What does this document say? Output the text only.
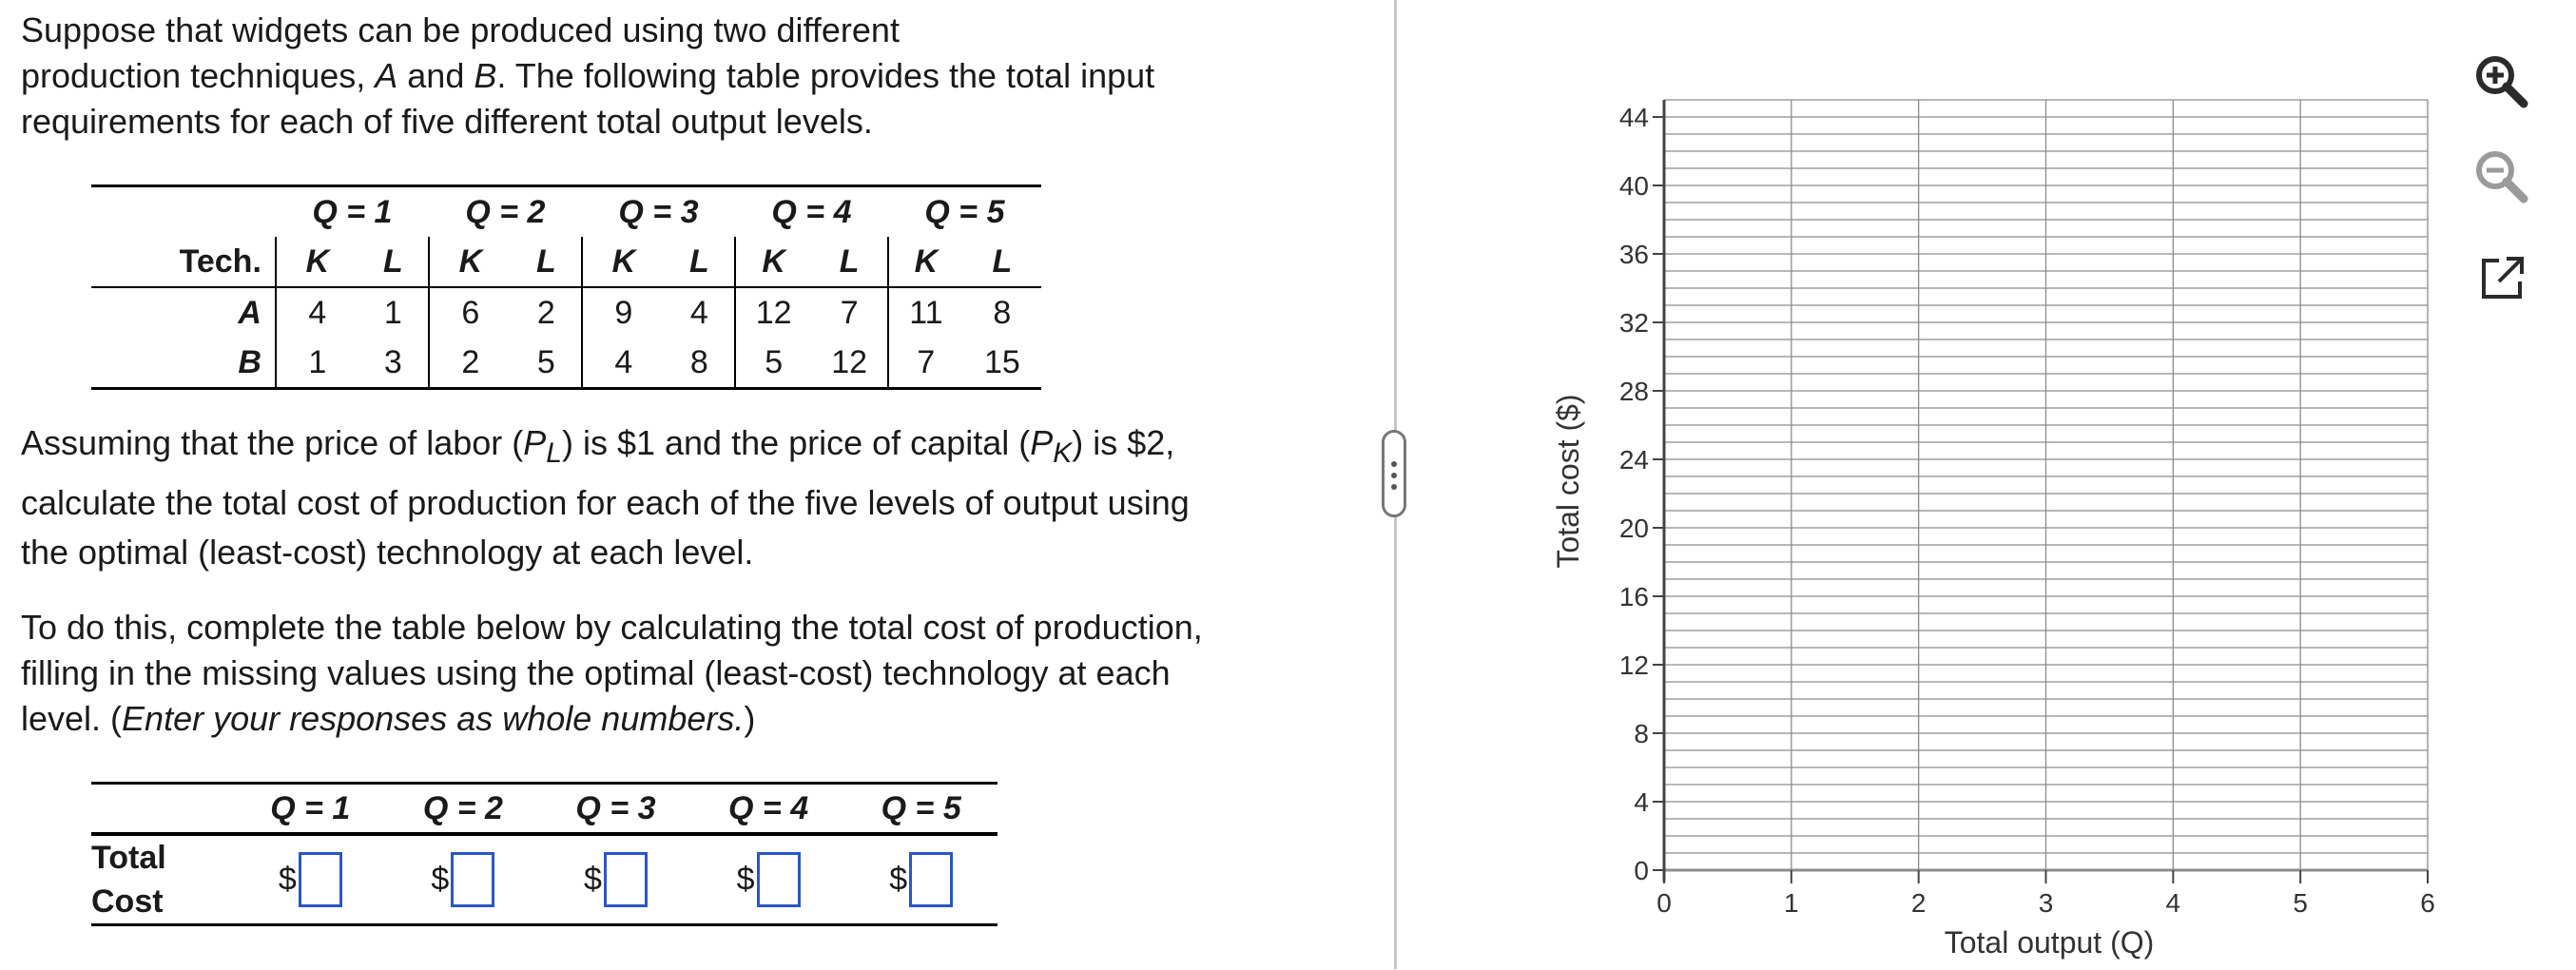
Suppose that widgets can be produced using two different
production techniques, A and B. The following table provides the total input
requirements for each of five different total output levels.

	Q = 1		Q = 2		Q = 3		Q = 4		Q = 5	
Tech.	K	L	K	L	K	L	K	L	K	L
A	4	1	6	2	9	4	12	7	11	8
B	1	3	2	5	4	8	5	12	7	15

Assuming that the price of labor $(P_L)$ is $1 and the price of capital $(P_K)$ is $2,
calculate the total cost of production for each of the five levels of output using
the optimal (least-cost) technology at each level.

To do this, complete the table below by calculating the total cost of production,
filling in the missing values using the optimal (least-cost) technology at each
level. (Enter your responses as whole numbers.)

	Q = 1	Q = 2	Q = 3	Q = 4	Q = 5
Total
Cost	$	$	$	$	$	0
4
8
12
16
20
24
28
32
36
40
44
0	1	2	3	4	5	6
Total output (Q)
Total cost ($)
